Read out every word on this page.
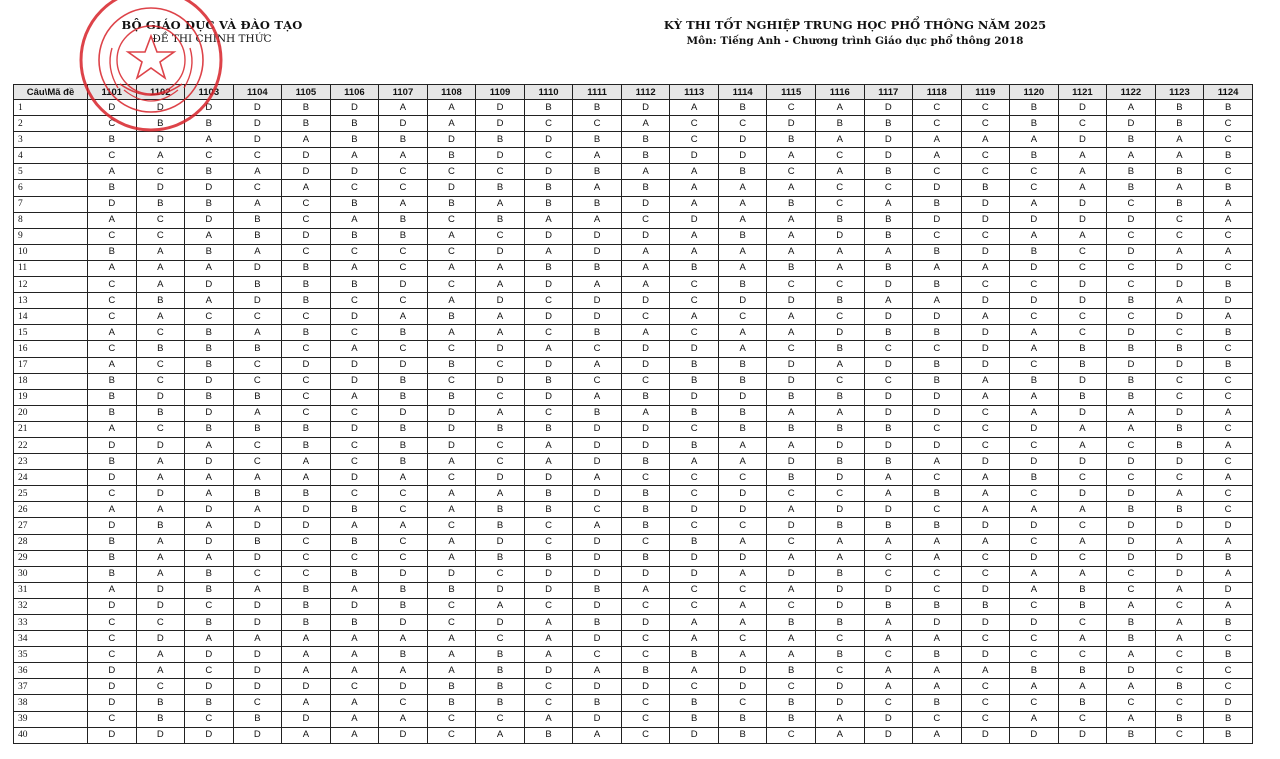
BỘ GIÁO DỤC VÀ ĐÀO TẠO
ĐỀ THI CHÍNH THỨC
KỲ THI TỐT NGHIỆP TRUNG HỌC PHỔ THÔNG NĂM 2025
Môn: Tiếng Anh - Chương trình Giáo dục phổ thông 2018
Câu\Mã đề	1101	1102	1103	1104	1105	1106	1107	1108	1109	1110	1111	1112	1113	1114	1115	1116	1117	1118	1119	1120	1121	1122	1123	1124
1	D	D	D	D	B	D	A	A	D	B	B	D	A	B	C	A	D	C	C	B	D	A	B	B
2	C	B	B	D	B	B	D	A	D	C	C	A	C	C	D	B	B	C	C	B	C	D	B	C
3	B	D	A	D	A	B	B	D	B	D	B	B	C	D	B	A	D	A	A	A	D	B	A	C
4	C	A	C	C	D	A	A	B	D	C	A	B	D	D	A	C	D	A	C	B	A	A	A	B
5	A	C	B	A	D	D	C	C	C	D	B	A	A	B	C	A	B	C	C	C	A	B	B	C
6	B	D	D	C	A	C	C	D	B	B	A	B	A	A	A	C	C	D	B	C	A	B	A	B
7	D	B	B	A	C	B	A	B	A	B	B	D	A	A	B	C	A	B	D	A	D	C	B	A
8	A	C	D	B	C	A	B	C	B	A	A	C	D	A	A	B	B	D	D	D	D	D	C	A
9	C	C	A	B	D	B	B	A	C	D	D	D	A	B	A	D	B	C	C	A	A	C	C	C
10	B	A	B	A	C	C	C	C	D	A	D	A	A	A	A	A	A	B	D	B	C	D	A	A
11	A	A	A	D	B	A	C	A	A	B	B	A	B	A	B	A	B	A	A	D	C	C	D	C
12	C	A	D	B	B	B	D	C	A	D	A	A	C	B	C	C	D	B	C	C	D	C	D	B
13	C	B	A	D	B	C	C	A	D	C	D	D	C	D	D	B	A	A	D	D	D	B	A	D
14	C	A	C	C	C	D	A	B	A	D	D	C	A	C	A	C	D	D	A	C	C	C	D	A
15	A	C	B	A	B	C	B	A	A	C	B	A	C	A	A	D	B	B	D	A	C	D	C	B
16	C	B	B	B	C	A	C	C	D	A	C	D	D	A	C	B	C	C	D	A	B	B	B	C
17	A	C	B	C	D	D	D	B	C	D	A	D	B	B	D	A	D	B	D	C	B	D	D	B
18	B	C	D	C	C	D	B	C	D	B	C	C	B	B	D	C	C	B	A	B	D	B	C	C
19	B	D	B	B	C	A	B	B	C	D	A	B	D	D	B	B	D	D	A	A	B	B	C	C
20	B	B	D	A	C	C	D	D	A	C	B	A	B	B	A	A	D	D	C	A	D	A	D	A
21	A	C	B	B	B	D	B	D	B	B	D	D	C	B	B	B	B	C	C	D	A	A	B	C
22	D	D	A	C	B	C	B	D	C	A	D	D	B	A	A	D	D	D	C	C	A	C	B	A
23	B	A	D	C	A	C	B	A	C	A	D	B	A	A	D	B	B	A	D	D	D	D	D	C
24	D	A	A	A	A	D	A	C	D	D	A	C	C	C	B	D	A	C	A	B	C	C	C	A
25	C	D	A	B	B	C	C	A	A	B	D	B	C	D	C	C	A	B	A	C	D	D	A	C
26	A	A	D	A	D	B	C	A	B	B	C	B	D	D	A	D	D	C	A	A	A	B	B	C
27	D	B	A	D	D	A	A	C	B	C	A	B	C	C	D	B	B	B	D	D	C	D	D	D
28	B	A	D	B	C	B	C	A	D	C	D	C	B	A	C	A	A	A	A	C	A	D	A	A
29	B	A	A	D	C	C	C	A	B	B	D	B	D	D	A	A	C	A	C	D	C	D	D	B
30	B	A	B	C	C	B	D	D	C	D	D	D	D	A	D	B	C	C	C	A	A	C	D	A
31	A	D	B	A	B	A	B	B	D	D	B	A	C	C	A	D	D	C	D	A	B	C	A	D
32	D	D	C	D	B	D	B	C	A	C	D	C	C	A	C	D	B	B	B	C	B	A	C	A
33	C	C	B	D	B	B	D	C	D	A	B	D	A	A	B	B	A	D	D	D	C	B	A	B
34	C	D	A	A	A	A	A	A	C	A	D	C	A	C	A	C	A	A	C	C	A	B	A	C
35	C	A	D	D	A	A	B	A	B	A	C	C	B	A	A	B	C	B	D	C	C	A	C	B
36	D	A	C	D	A	A	A	A	B	D	A	B	A	D	B	C	A	A	A	B	B	D	C	C
37	D	C	D	D	D	C	D	B	B	C	D	D	C	D	C	D	A	A	C	A	A	A	B	C
38	D	B	B	C	A	A	C	B	B	C	B	C	B	C	B	D	C	B	C	C	B	C	C	D
39	C	B	C	B	D	A	A	C	C	A	D	C	B	B	B	A	D	C	C	A	C	A	B	B
40	D	D	D	D	A	A	D	C	A	B	A	C	D	B	C	A	D	A	D	D	D	B	C	B
